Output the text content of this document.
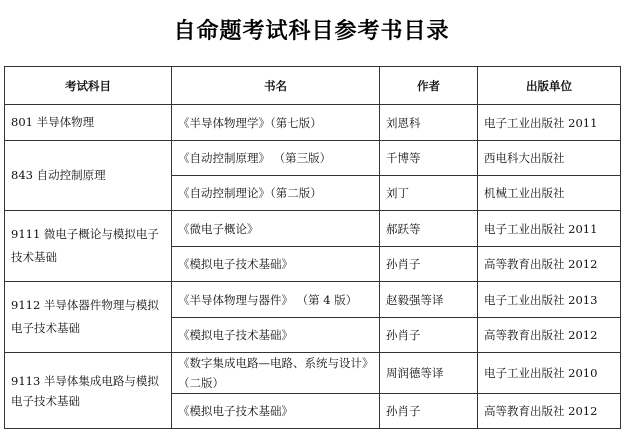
自命题考试科目参考书目录
考试科目	书名	作者	出版单位
801 半导体物理	《半导体物理学》（第七版）	刘恩科	电子工业出版社 2011
843 自动控制原理	《自动控制原理》 （第三版）	千博等	西电科大出版社
	《自动控制理论》（第二版）	刘丁	机械工业出版社
9111 微电子概论与模拟电子技术基础	《微电子概论》	郝跃等	电子工业出版社 2011
	《模拟电子技术基础》	孙肖子	高等教育出版社 2012
9112 半导体器件物理与模拟电子技术基础	《半导体物理与器件》 （第 4 版）	赵毅强等译	电子工业出版社 2013
	《模拟电子技术基础》	孙肖子	高等教育出版社 2012
9113 半导体集成电路与模拟电子技术基础	《数字集成电路—电路、系统与设计》（二版）	周润德等译	电子工业出版社 2010
	《模拟电子技术基础》	孙肖子	高等教育出版社 2012
